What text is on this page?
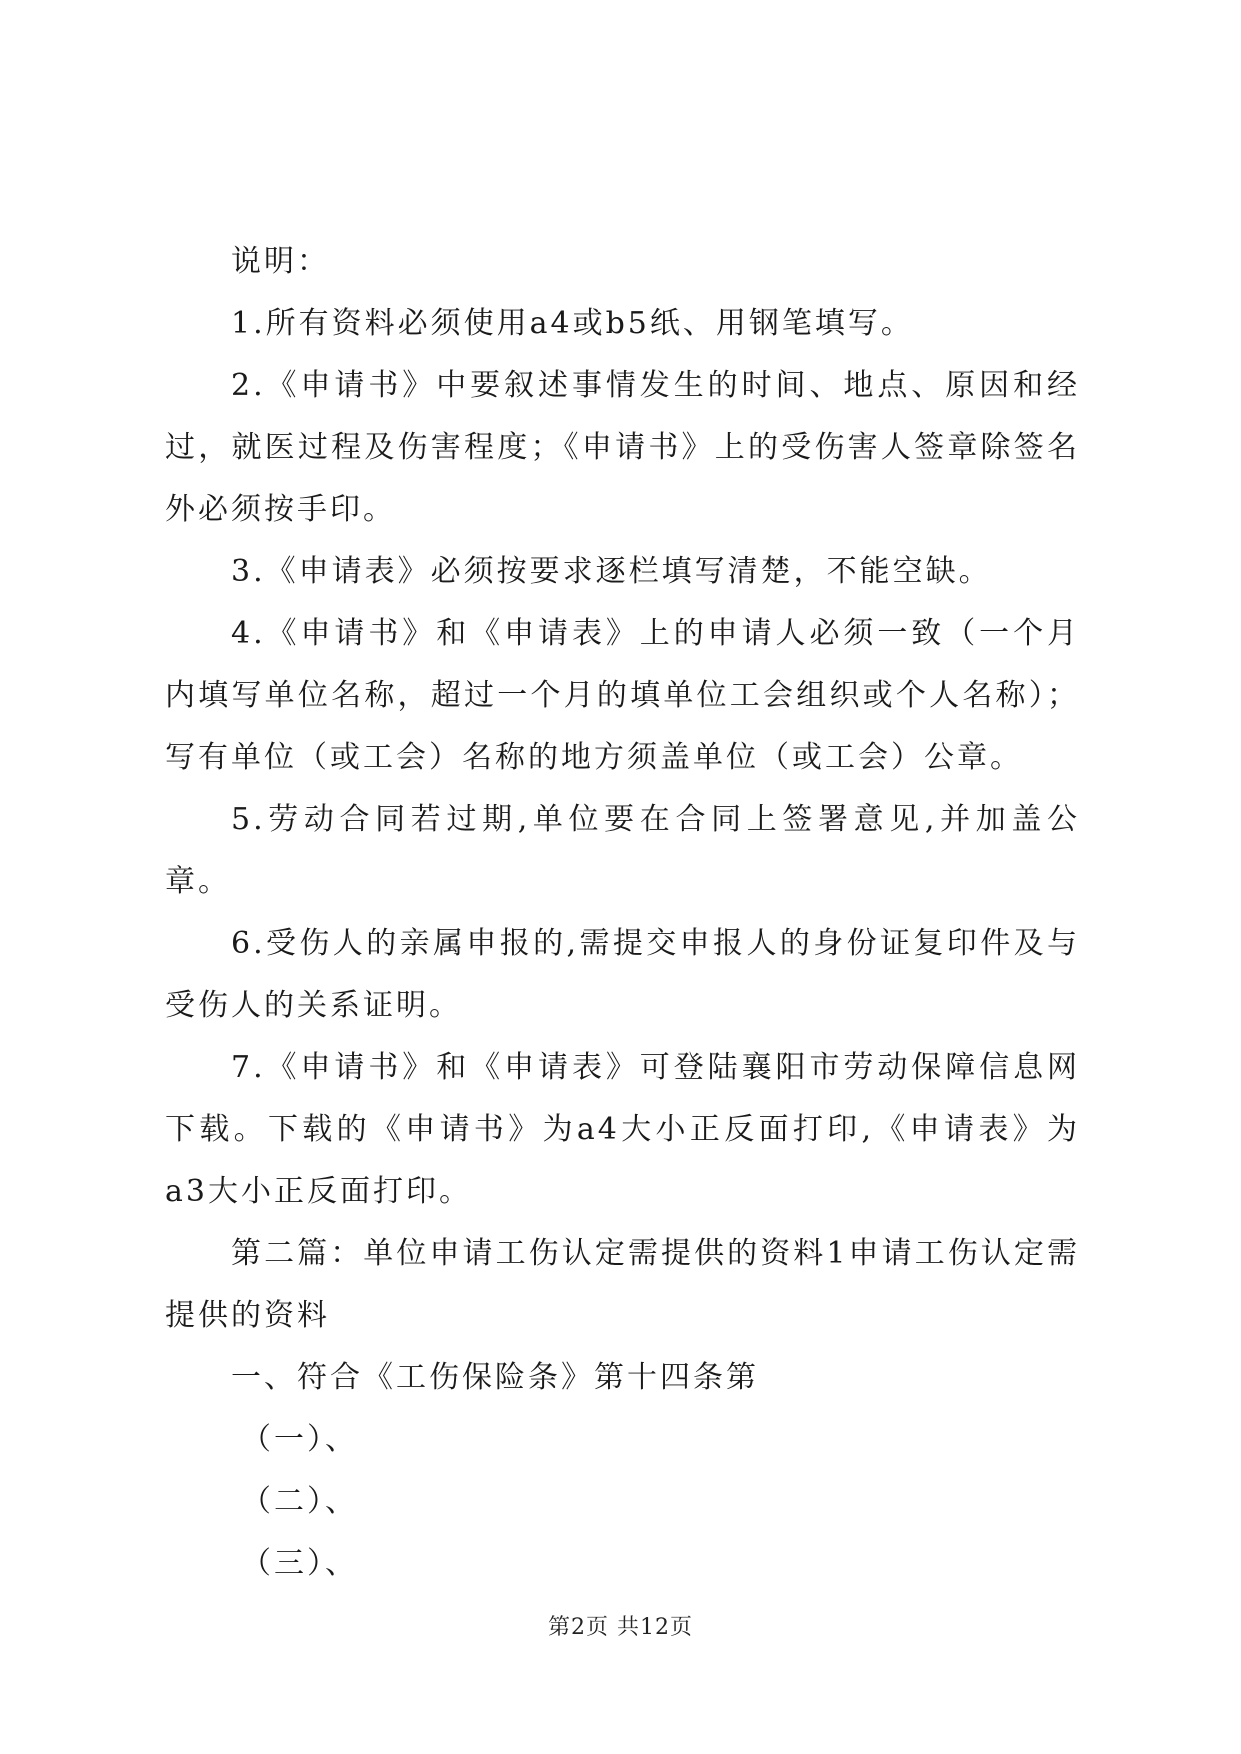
说明：

1.所有资料必须使用a4或b5纸、用钢笔填写。

2.《申请书》中要叙述事情发生的时间、地点、原因和经过，就医过程及伤害程度；《申请书》上的受伤害人签章除签名外必须按手印。

3.《申请表》必须按要求逐栏填写清楚，不能空缺。

4.《申请书》和《申请表》上的申请人必须一致（一个月内填写单位名称，超过一个月的填单位工会组织或个人名称）；写有单位（或工会）名称的地方须盖单位（或工会）公章。

5.劳动合同若过期,单位要在合同上签署意见,并加盖公章。

6.受伤人的亲属申报的,需提交申报人的身份证复印件及与受伤人的关系证明。

7.《申请书》和《申请表》可登陆襄阳市劳动保障信息网下载。下载的《申请书》为a4大小正反面打印,《申请表》为a3大小正反面打印。

第二篇：单位申请工伤认定需提供的资料1申请工伤认定需提供的资料

一、符合《工伤保险条》第十四条第

（一）、

（二）、

（三）、

第2页 共12页
